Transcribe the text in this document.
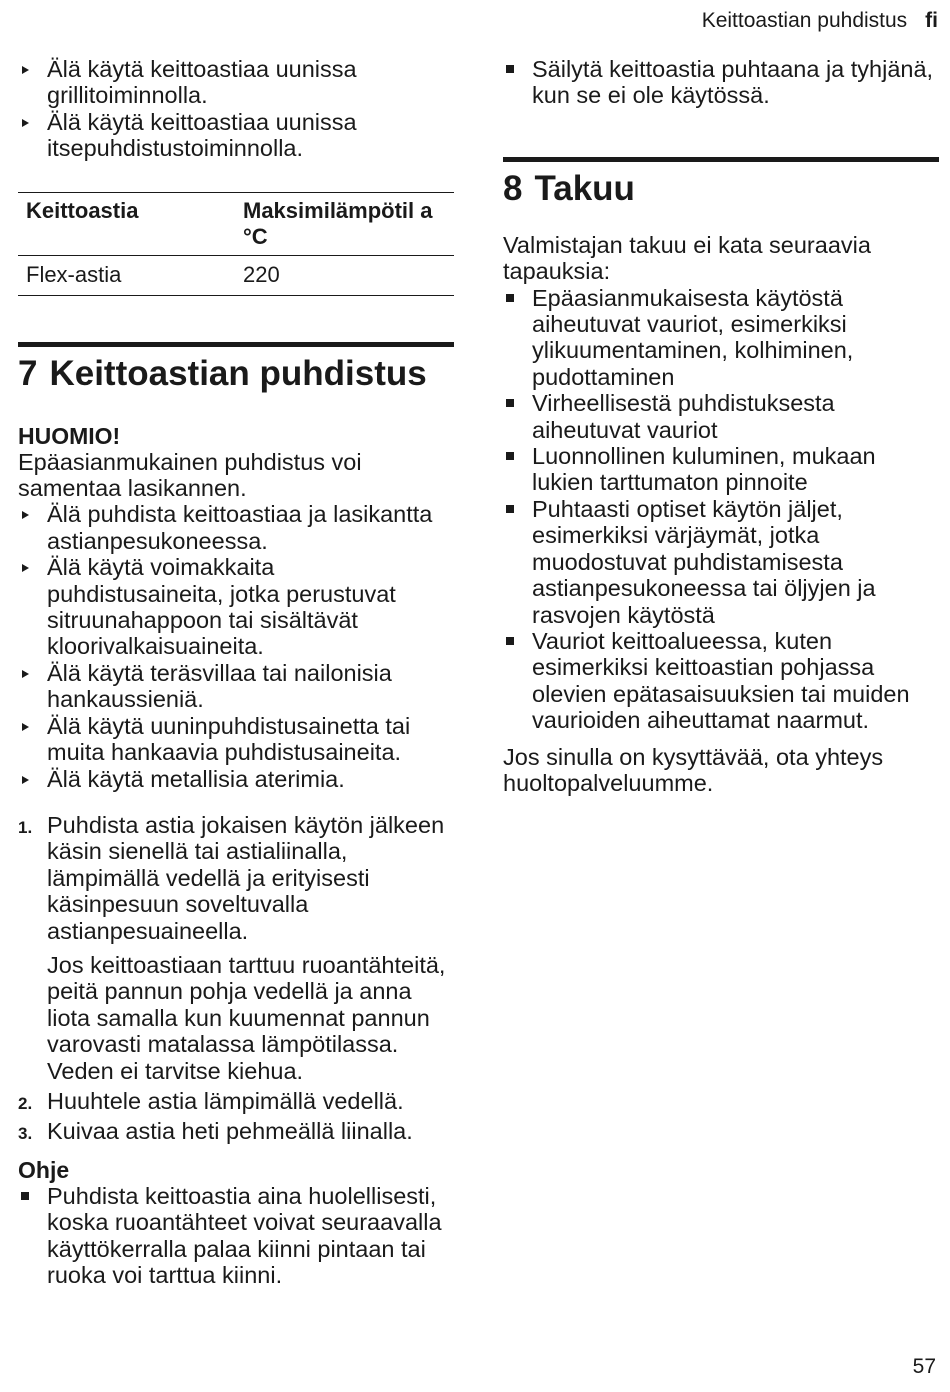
Keittoastian puhdistus fi
Älä käytä keittoastiaa uunissa grillitoiminnolla.
Älä käytä keittoastiaa uunissa itsepuhdistustoiminnolla.
Keittoastia	Maksimilämpötil a °C
Flex-astia	220
7 Keittoastian puhdistus

HUOMIO!

Epäasianmukainen puhdistus voi samentaa lasikannen.

Älä puhdista keittoastiaa ja lasikantta astianpesukoneessa.
Älä käytä voimakkaita puhdistusaineita, jotka perustuvat sitruunahappoon tai sisältävät kloorivalkaisuaineita.
Älä käytä teräsvillaa tai nailonisia hankaussieniä.
Älä käytä uuninpuhdistusainetta tai muita hankaavia puhdistusaineita.
Älä käytä metallisia aterimia.
1. Puhdista astia jokaisen käytön jälkeen käsin sienellä tai astialiinalla, lämpimällä vedellä ja erityisesti käsinpesuun soveltuvalla astianpesuaineella.
Jos keittoastiaan tarttuu ruoantähteitä, peitä pannun pohja vedellä ja anna liota samalla kun kuumennat pannun varovasti matalassa lämpötilassa. Veden ei tarvitse kiehua.
2. Huuhtele astia lämpimällä vedellä.
3. Kuivaa astia heti pehmeällä liinalla.

Ohje

Puhdista keittoastia aina huolellisesti, koska ruoantähteet voivat seuraavalla käyttökerralla palaa kiinni pintaan tai ruoka voi tarttua kiinni.
Säilytä keittoastia puhtaana ja tyhjänä, kun se ei ole käytössä.
8 Takuu

Valmistajan takuu ei kata seuraavia tapauksia:

Epäasianmukaisesta käytöstä aiheutuvat vauriot, esimerkiksi ylikuumentaminen, kolhiminen, pudottaminen
Virheellisestä puhdistuksesta aiheutuvat vauriot
Luonnollinen kuluminen, mukaan lukien tarttumaton pinnoite
Puhtaasti optiset käytön jäljet, esimerkiksi värjäymät, jotka muodostuvat puhdistamisesta astianpesukoneessa tai öljyjen ja rasvojen käytöstä
Vauriot keittoalueessa, kuten esimerkiksi keittoastian pohjassa olevien epätasaisuuksien tai muiden vaurioiden aiheuttamat naarmut.

Jos sinulla on kysyttävää, ota yhteys huoltopalveluumme.

57
